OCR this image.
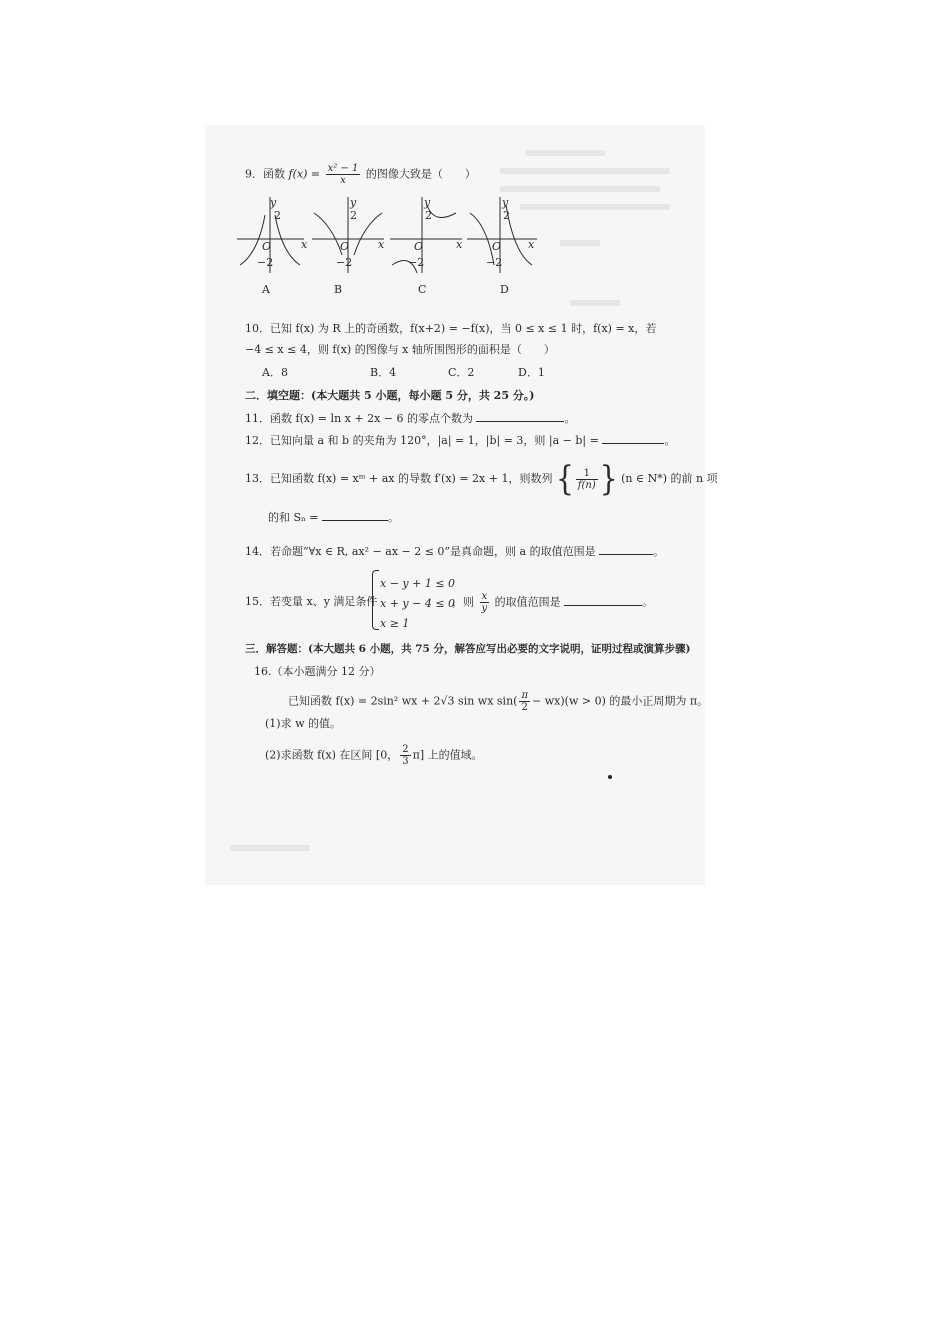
9．函数 $f(x) = \frac{\text{x² − 1}}{x}$ 的图像大致是（　　）
y
2
O	x
−2
y
2
O	x
−2
y
2
O	x
−2
y
2
O x
−2
A	B	C	D
10．已知 f(x) 为 R 上的奇函数，f(x+2) = −f(x)，当 0 ≤ x ≤ 1 时，f(x) = x，若
−4 ≤ x ≤ 4，则 f(x) 的图像与 x 轴所围图形的面积是（　　）
A．8	B．4	C．2	D．1
二．填空题：(本大题共 5 小题，每小题 5 分，共 25 分。)
11．函数 f(x) = ln x + 2x − 6 的零点个数为	。
12．已知向量 a 和 b 的夹角为 120°，|a| = 1，|b| = 3，则 |a − b| =	。
13．已知函数 f(x) = xᵐ + ax 的导数 f′(x) = 2x + 1，则数列 { $\frac{1}{f(n)}$ } (n ∈ N*) 的前 n 项
的和 Sₙ =	。
14．若命题“∀x ∈ R, ax² − ax − 2 ≤ 0”是真命题，则 a 的取值范围是	。
15．若变量 x、y 满足条件
x − y + 1 ≤ 0
x + y − 4 ≤ 0
x ≥ 1
，则 $\frac{x}{y}$ 的取值范围是	。
三．解答题：(本大题共 6 小题，共 75 分，解答应写出必要的文字说明，证明过程或演算步骤)
16.（本小题满分 12 分）
已知函数 f(x) = 2sin² wx + 2√3 sin wx $\sin( \frac{\pi}{2} - wx)(w > 0)$ 的最小正周期为 π。
(1)求 w 的值。
(2)求函数 f(x) 在区间 [0， $\frac{2}{3} \pi$] 上的值域。
